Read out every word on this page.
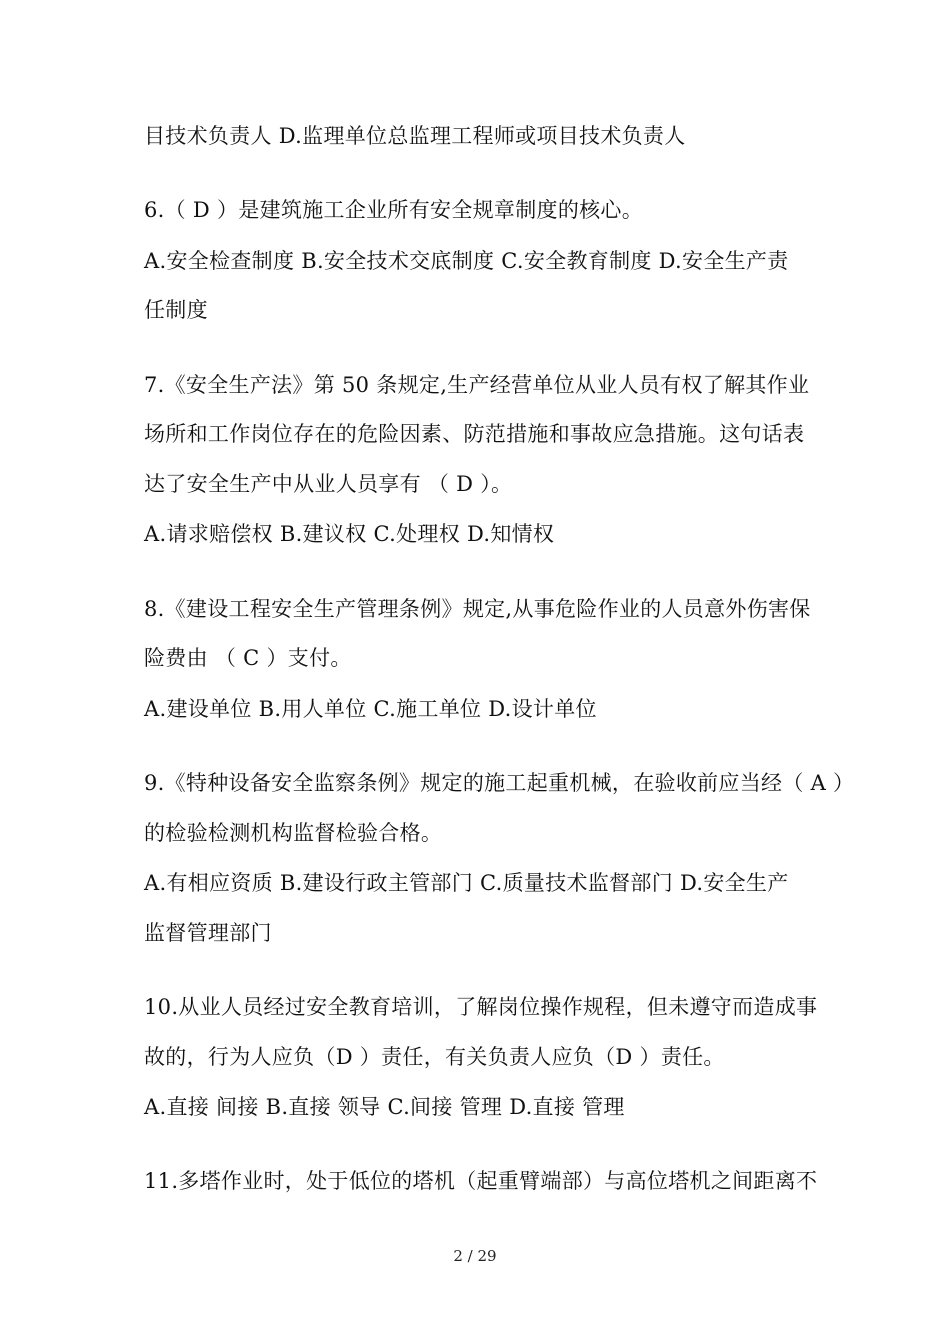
目技术负责人 D.监理单位总监理工程师或项目技术负责人
6.（ D ）是建筑施工企业所有安全规章制度的核心。
A.安全检查制度 B.安全技术交底制度 C.安全教育制度 D.安全生产责
任制度
7.《安全生产法》第 50 条规定,生产经营单位从业人员有权了解其作业
场所和工作岗位存在的危险因素、防范措施和事故应急措施。这句话表
达了安全生产中从业人员享有 （ D ）。
A.请求赔偿权 B.建议权 C.处理权 D.知情权
8.《建设工程安全生产管理条例》规定,从事危险作业的人员意外伤害保
险费由 （ C ）支付。
A.建设单位 B.用人单位 C.施工单位 D.设计单位
9.《特种设备安全监察条例》规定的施工起重机械，在验收前应当经（ A ）
的检验检测机构监督检验合格。
A.有相应资质 B.建设行政主管部门 C.质量技术监督部门 D.安全生产
监督管理部门
10.从业人员经过安全教育培训，了解岗位操作规程，但未遵守而造成事
故的，行为人应负（D ）责任，有关负责人应负（D ）责任。
A.直接 间接 B.直接 领导 C.间接 管理 D.直接 管理
11.多塔作业时，处于低位的塔机（起重臂端部）与高位塔机之间距离不
2 / 29
